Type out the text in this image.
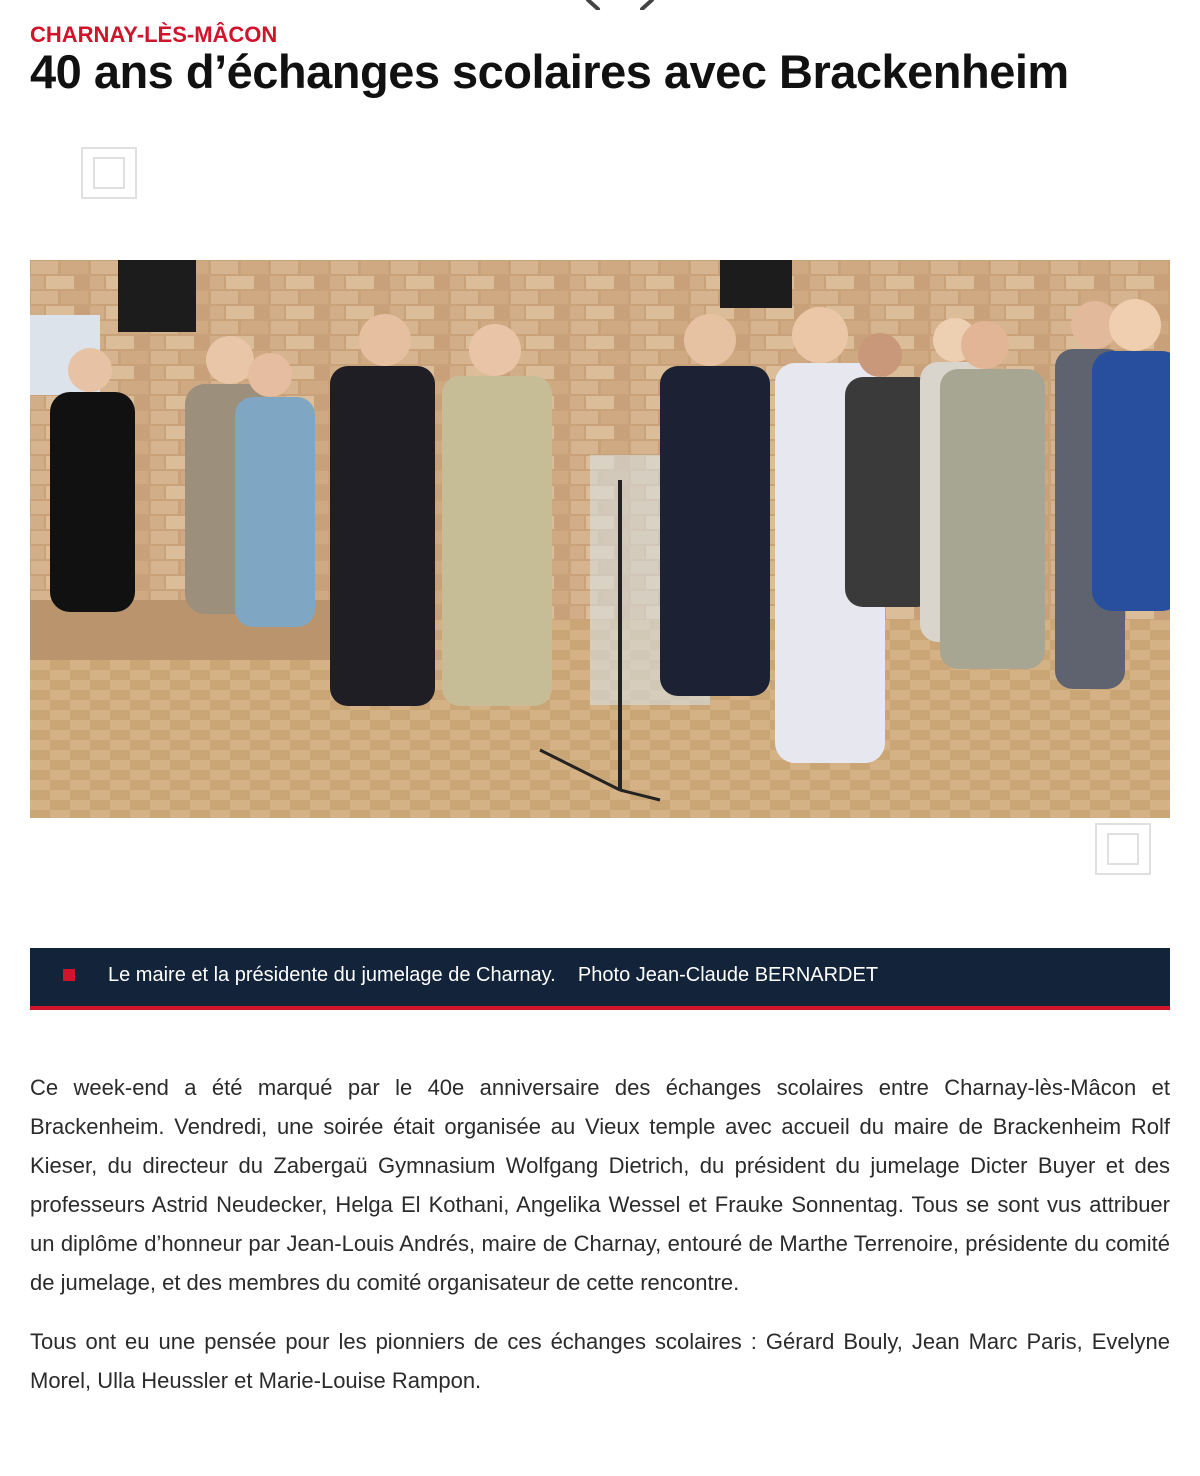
CHARNAY-LÈS-MÂCON
40 ans d’échanges scolaires avec Brackenheim
Le maire et la présidente du jumelage de Charnay. Photo Jean-Claude BERNARDET

Ce week-end a été marqué par le 40e anniversaire des échanges scolaires entre Charnay-lès-Mâcon et Brackenheim. Vendredi, une soirée était organisée au Vieux temple avec accueil du maire de Brackenheim Rolf Kieser, du directeur du Zabergaü Gymnasium Wolfgang Dietrich, du président du jumelage Dicter Buyer et des professeurs Astrid Neudecker, Helga El Kothani, Angelika Wessel et Frauke Sonnentag. Tous se sont vus attribuer un diplôme d’honneur par Jean-Louis Andrés, maire de Charnay, entouré de Marthe Terrenoire, présidente du comité de jumelage, et des membres du comité organisateur de cette rencontre.

Tous ont eu une pensée pour les pionniers de ces échanges scolaires : Gérard Bouly, Jean Marc Paris, Evelyne Morel, Ulla Heussler et Marie-Louise Rampon.
